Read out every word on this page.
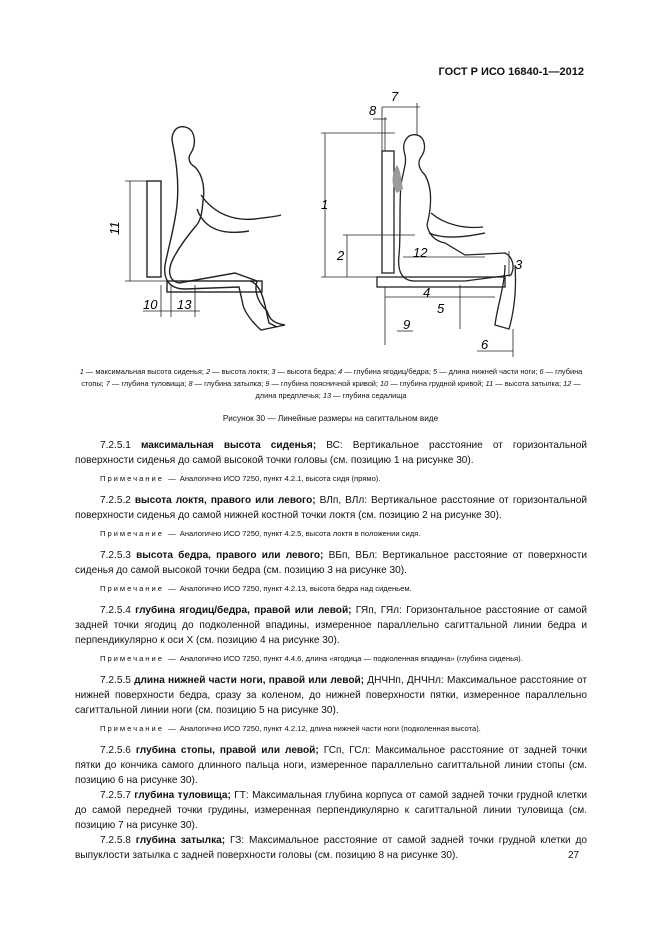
ГОСТ Р ИСО 16840-1—2012
11
10 13
7
8
1
2	12
3
4
5
9
6
1 — максимальная высота сиденья; 2 — высота локтя; 3 — высота бедра; 4 — глубина ягодиц/бедра; 5 — длина нижней части ноги; 6 — глубина стопы; 7 — глубина туловища; 8 — глубина затылка; 9 — глубина поясничной кривой; 10 — глубина грудной кривой; 11 — высота затылка; 12 — длина предплечья; 13 — глубина седалища
Рисунок 30 — Линейные размеры на сагиттальном виде

7.2.5.1 максимальная высота сиденья; ВС: Вертикальное расстояние от горизонтальной поверхности сиденья до самой высокой точки головы (см. позицию 1 на рисунке 30).

Примечание — Аналогично ИСО 7250, пункт 4.2.1, высота сидя (прямо).

7.2.5.2 высота локтя, правого или левого; ВЛп, ВЛл: Вертикальное расстояние от горизонтальной поверхности сиденья до самой нижней костной точки локтя (см. позицию 2 на рисунке 30).

Примечание — Аналогично ИСО 7250, пункт 4.2.5, высота локтя в положении сидя.

7.2.5.3 высота бедра, правого или левого; ВБп, ВБл: Вертикальное расстояние от поверхности сиденья до самой высокой точки бедра (см. позицию 3 на рисунке 30).

Примечание — Аналогично ИСО 7250, пункт 4.2.13, высота бедра над сиденьем.

7.2.5.4 глубина ягодиц/бедра, правой или левой; ГЯп, ГЯл: Горизонтальное расстояние от самой задней точки ягодиц до подколенной впадины, измеренное параллельно сагиттальной линии бедра и перпендикулярно к оси X (см. позицию 4 на рисунке 30).

Примечание — Аналогично ИСО 7250, пункт 4.4.6, длина «ягодица — подколенная впадина» (глубина сиденья).

7.2.5.5 длина нижней части ноги, правой или левой; ДНЧНп, ДНЧНл: Максимальное расстояние от нижней поверхности бедра, сразу за коленом, до нижней поверхности пятки, измеренное параллельно сагиттальной линии ноги (см. позицию 5 на рисунке 30).

Примечание — Аналогично ИСО 7250, пункт 4.2.12, длина нижней части ноги (подколенная высота).

7.2.5.6 глубина стопы, правой или левой; ГСп, ГСл: Максимальное расстояние от задней точки пятки до кончика самого длинного пальца ноги, измеренное параллельно сагиттальной линии стопы (см. позицию 6 на рисунке 30).

7.2.5.7 глубина туловища; ГТ: Максимальная глубина корпуса от самой задней точки грудной клетки до самой передней точки грудины, измеренная перпендикулярно к сагиттальной линии туловища (см. позицию 7 на рисунке 30).

7.2.5.8 глубина затылка; ГЗ: Максимальное расстояние от самой задней точки грудной клетки до выпуклости затылка с задней поверхности головы (см. позицию 8 на рисунке 30).	27
